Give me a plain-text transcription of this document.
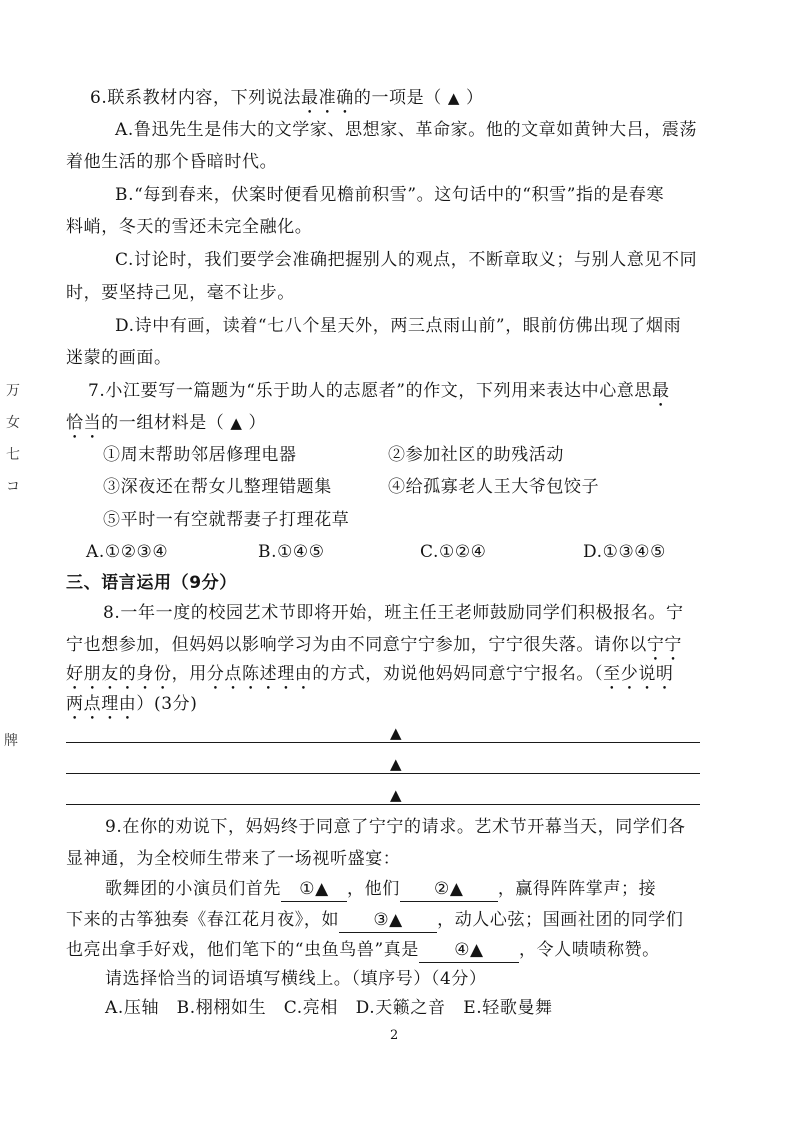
万
女
七
コ
牌
6.联系教材内容，下列说法最准确的一项是（ ▲ ）
A.鲁迅先生是伟大的文学家、思想家、革命家。他的文章如黄钟大吕，震荡
着他生活的那个昏暗时代。
B.“每到春来，伏案时便看见檐前积雪”。这句话中的“积雪”指的是春寒
料峭，冬天的雪还未完全融化。
C.讨论时，我们要学会准确把握别人的观点，不断章取义；与别人意见不同
时，要坚持己见，毫不让步。
D.诗中有画，读着“七八个星天外，两三点雨山前”，眼前仿佛出现了烟雨
迷蒙的画面。
7.小江要写一篇题为“乐于助人的志愿者”的作文，下列用来表达中心意思最
恰当的一组材料是（ ▲ ）
①周末帮助邻居修理电器	②参加社区的助残活动
③深夜还在帮女儿整理错题集	④给孤寡老人王大爷包饺子
⑤平时一有空就帮妻子打理花草
A.①②③④	B.①④⑤	C.①②④	D.①③④⑤
三、语言运用（9分）
8.一年一度的校园艺术节即将开始，班主任王老师鼓励同学们积极报名。宁
宁也想参加，但妈妈以影响学习为由不同意宁宁参加，宁宁很失落。请你以宁宁
好朋友的身份，用分点陈述理由的方式，劝说他妈妈同意宁宁报名。（至少说明
两点理由）(3分)
▲
▲
▲
9.在你的劝说下，妈妈终于同意了宁宁的请求。艺术节开幕当天，同学们各
显神通，为全校师生带来了一场视听盛宴：
歌舞团的小演员们首先 ①▲ ，他们 ②▲ ，赢得阵阵掌声；接
下来的古筝独奏《春江花月夜》，如 ③▲ ，动人心弦；国画社团的同学们
也亮出拿手好戏，他们笔下的“虫鱼鸟兽”真是 ④▲ ，令人啧啧称赞。
请选择恰当的词语填写横线上。（填序号）（4分）
A.压轴　B.栩栩如生　C.亮相　D.天籁之音　E.轻歌曼舞
2
